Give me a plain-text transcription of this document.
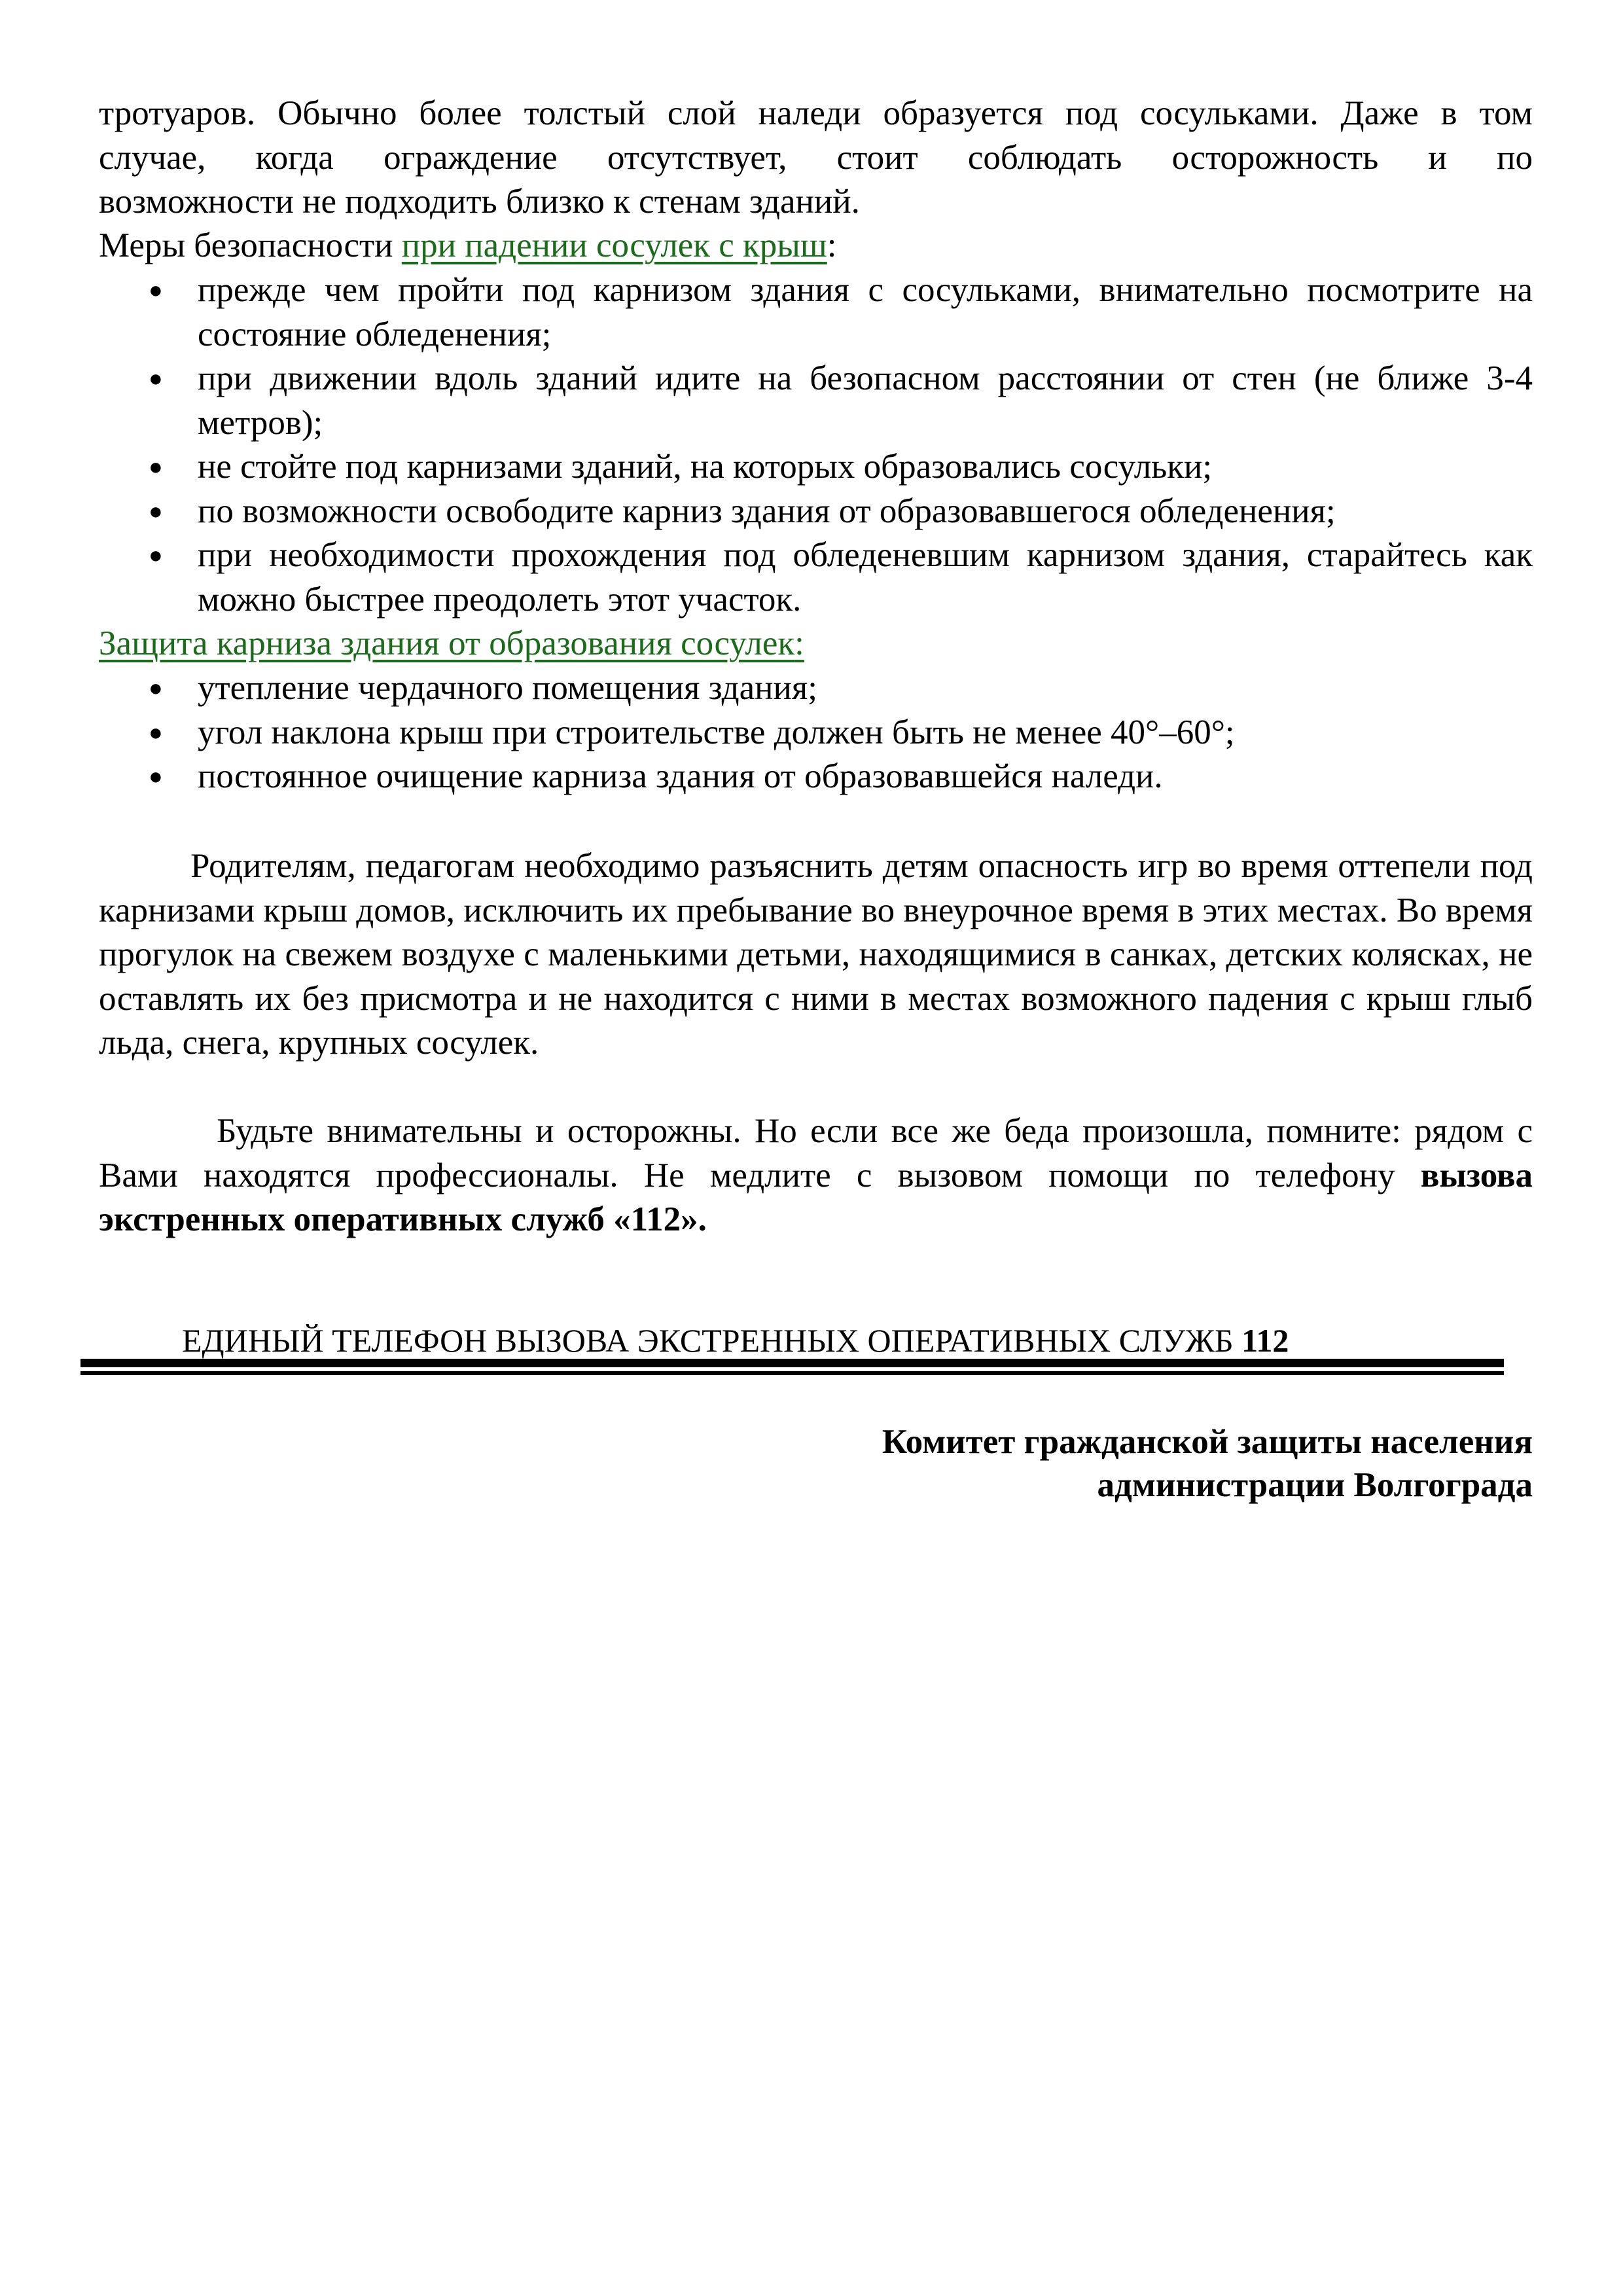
тротуаров. Обычно более толстый слой наледи образуется под сосульками. Даже в том
случае, когда ограждение отсутствует, стоит соблюдать осторожность и по
возможности не подходить близко к стенам зданий.
Меры безопасности при падении сосулек с крыш:
● прежде чем пройти под карнизом здания с сосульками, внимательно посмотрите на состояние обледенения;
● при движении вдоль зданий идите на безопасном расстоянии от стен (не ближе 3-4 метров);
● не стойте под карнизами зданий, на которых образовались сосульки;
● по возможности освободите карниз здания от образовавшегося обледенения;
● при необходимости прохождения под обледеневшим карнизом здания, старайтесь как можно быстрее преодолеть этот участок.
Защита карниза здания от образования сосулек:
● утепление чердачного помещения здания;
● угол наклона крыш при строительстве должен быть не менее 40°–60°;
● постоянное очищение карниза здания от образовавшейся наледи.
Родителям, педагогам необходимо разъяснить детям опасность игр во время оттепели под карнизами крыш домов, исключить их пребывание во внеурочное время в этих местах. Во время прогулок на свежем воздухе с маленькими детьми, находящимися в санках, детских колясках, не оставлять их без присмотра и не находится с ними в местах возможного падения с крыш глыб льда, снега, крупных сосулек.
Будьте внимательны и осторожны. Но если все же беда произошла, помните: рядом с Вами находятся профессионалы. Не медлите с вызовом помощи по телефону вызова экстренных оперативных служб «112».
ЕДИНЫЙ ТЕЛЕФОН ВЫЗОВА ЭКСТРЕННЫХ ОПЕРАТИВНЫХ СЛУЖБ 112
Комитет гражданской защиты населения
администрации Волгограда
